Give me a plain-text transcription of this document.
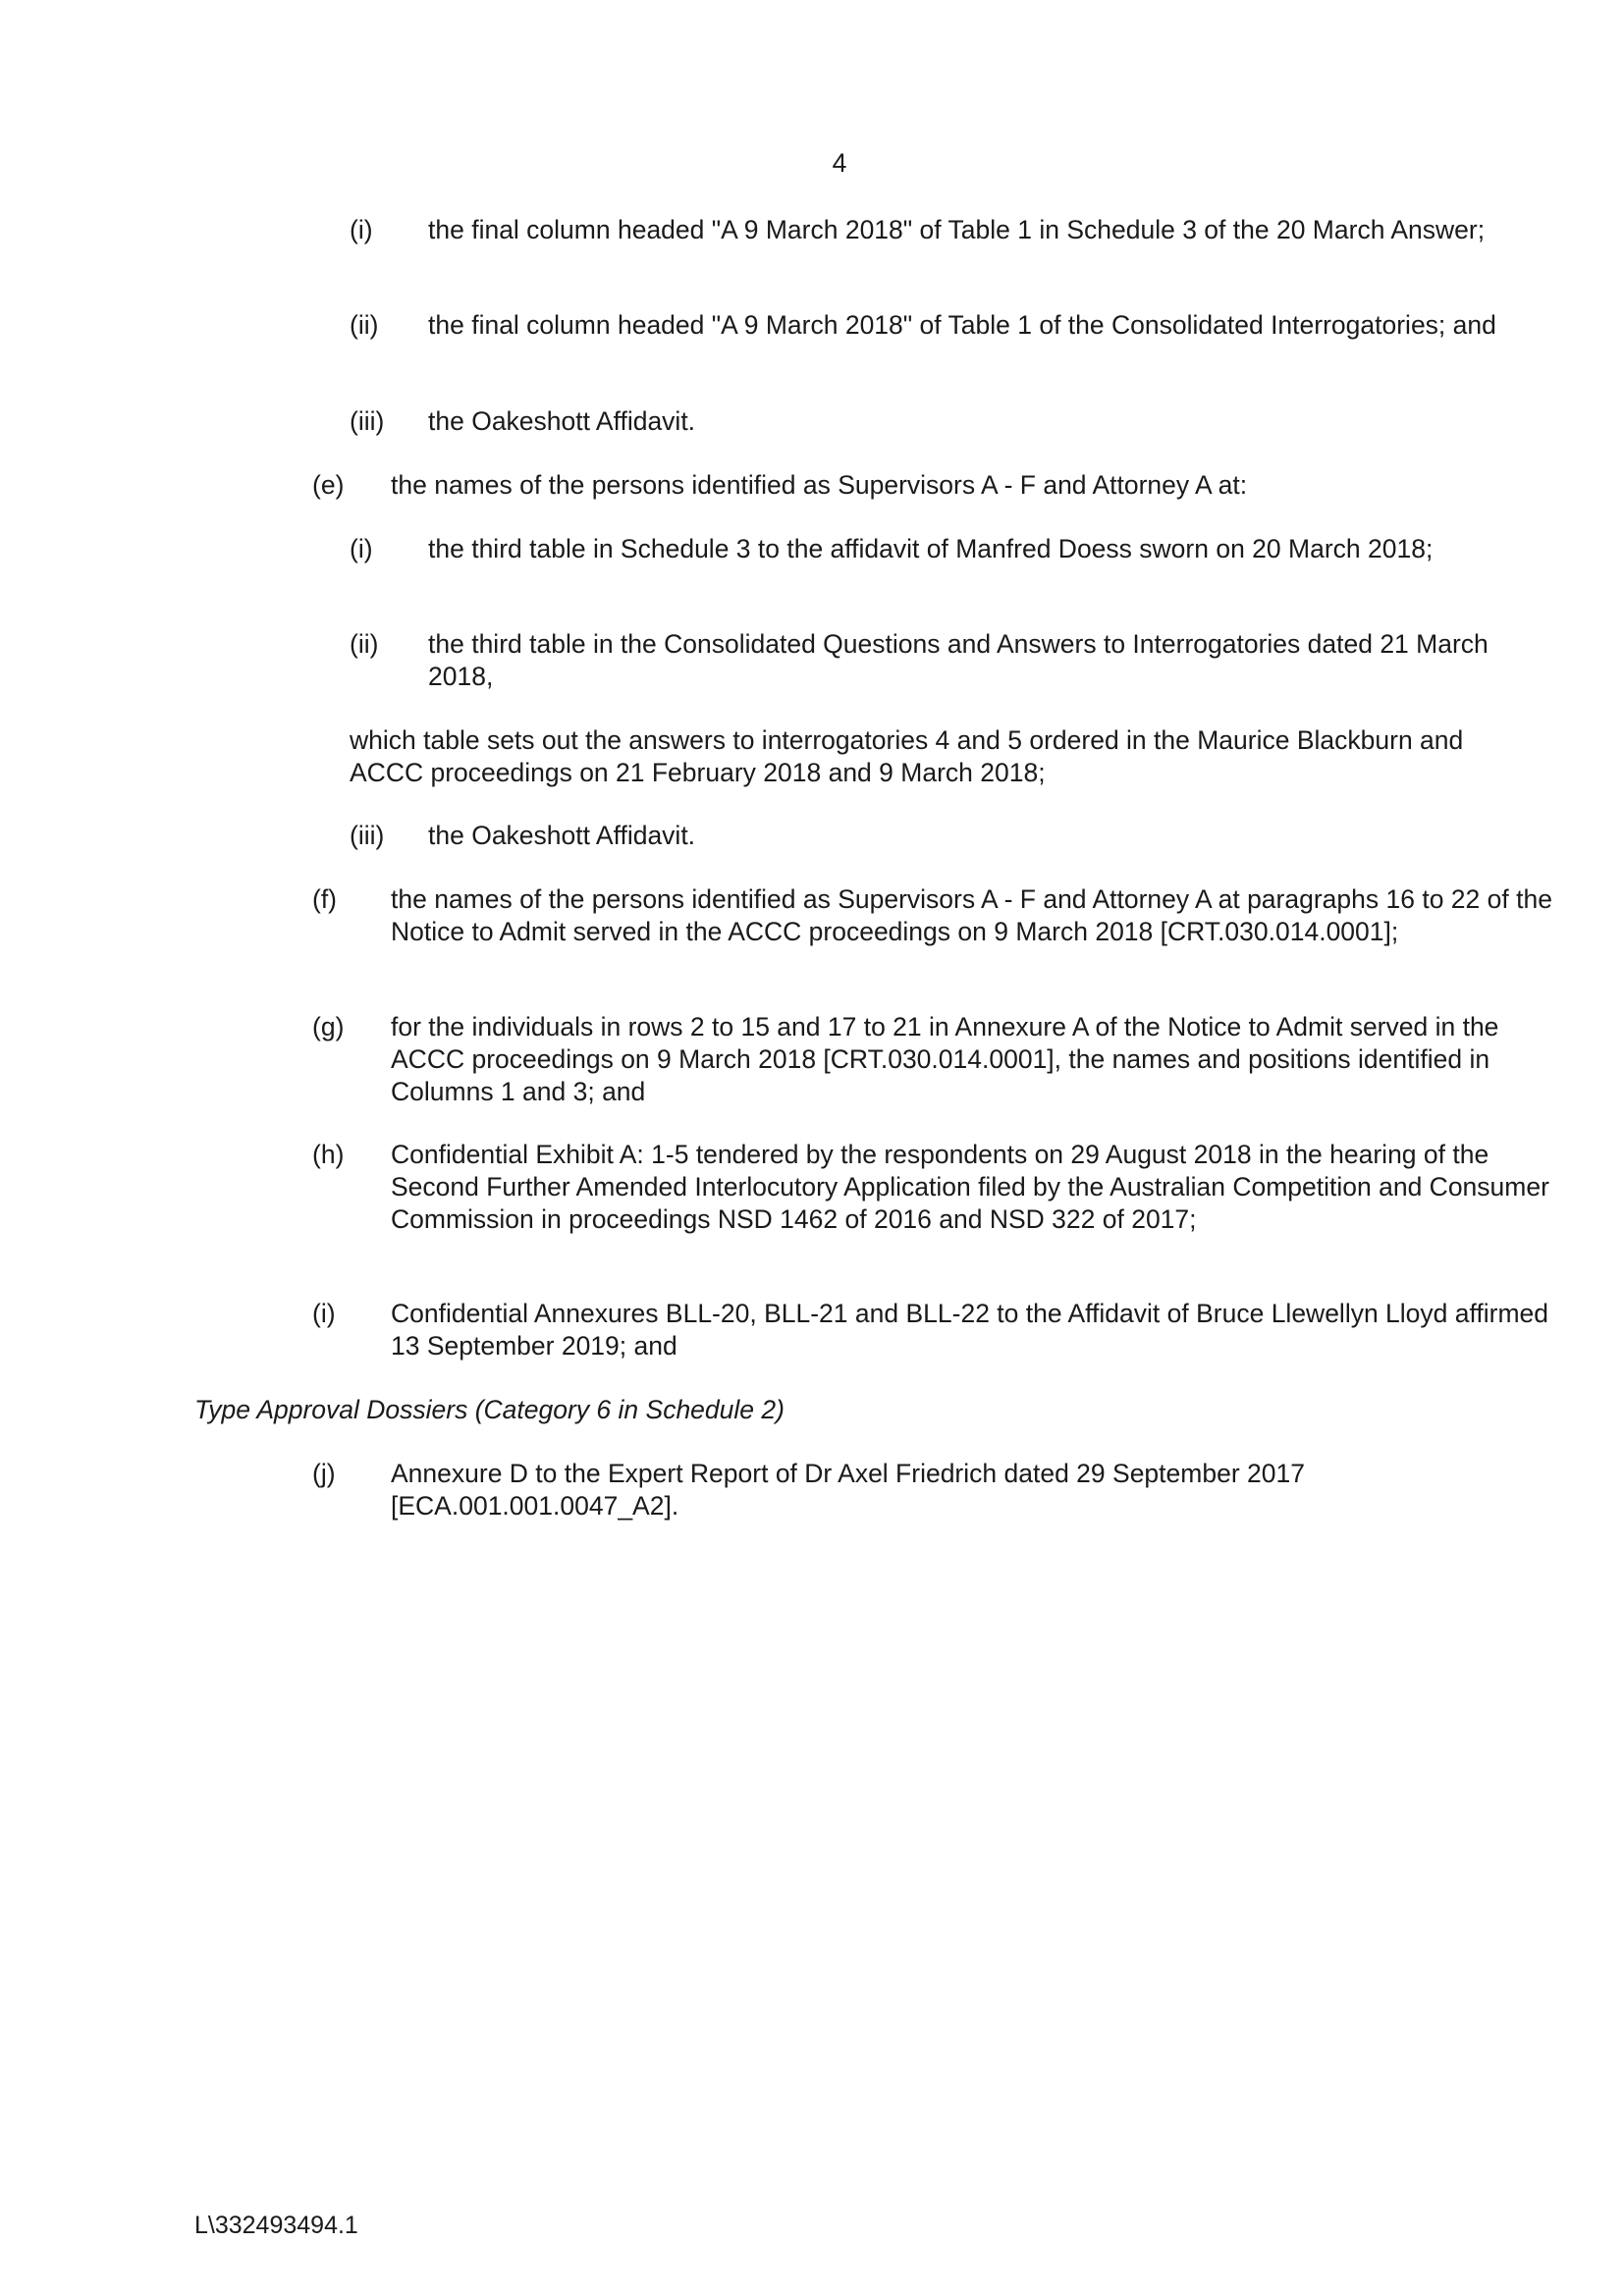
4
(i) the final column headed "A 9 March 2018" of Table 1 in Schedule 3 of the 20 March Answer;
(ii) the final column headed "A 9 March 2018" of Table 1 of the Consolidated Interrogatories; and
(iii) the Oakeshott Affidavit.
(e) the names of the persons identified as Supervisors A - F and Attorney A at:
(i) the third table in Schedule 3 to the affidavit of Manfred Doess sworn on 20 March 2018;
(ii) the third table in the Consolidated Questions and Answers to Interrogatories dated 21 March 2018,
which table sets out the answers to interrogatories 4 and 5 ordered in the Maurice Blackburn and ACCC proceedings on 21 February 2018 and 9 March 2018;
(iii) the Oakeshott Affidavit.
(f) the names of the persons identified as Supervisors A - F and Attorney A at paragraphs 16 to 22 of the Notice to Admit served in the ACCC proceedings on 9 March 2018 [CRT.030.014.0001];
(g) for the individuals in rows 2 to 15 and 17 to 21 in Annexure A of the Notice to Admit served in the ACCC proceedings on 9 March 2018 [CRT.030.014.0001], the names and positions identified in Columns 1 and 3; and
(h) Confidential Exhibit A: 1-5 tendered by the respondents on 29 August 2018 in the hearing of the Second Further Amended Interlocutory Application filed by the Australian Competition and Consumer Commission in proceedings NSD 1462 of 2016 and NSD 322 of 2017;
(i) Confidential Annexures BLL-20, BLL-21 and BLL-22 to the Affidavit of Bruce Llewellyn Lloyd affirmed 13 September 2019; and
Type Approval Dossiers (Category 6 in Schedule 2)
(j) Annexure D to the Expert Report of Dr Axel Friedrich dated 29 September 2017 [ECA.001.001.0047_A2].
L\332493494.1
